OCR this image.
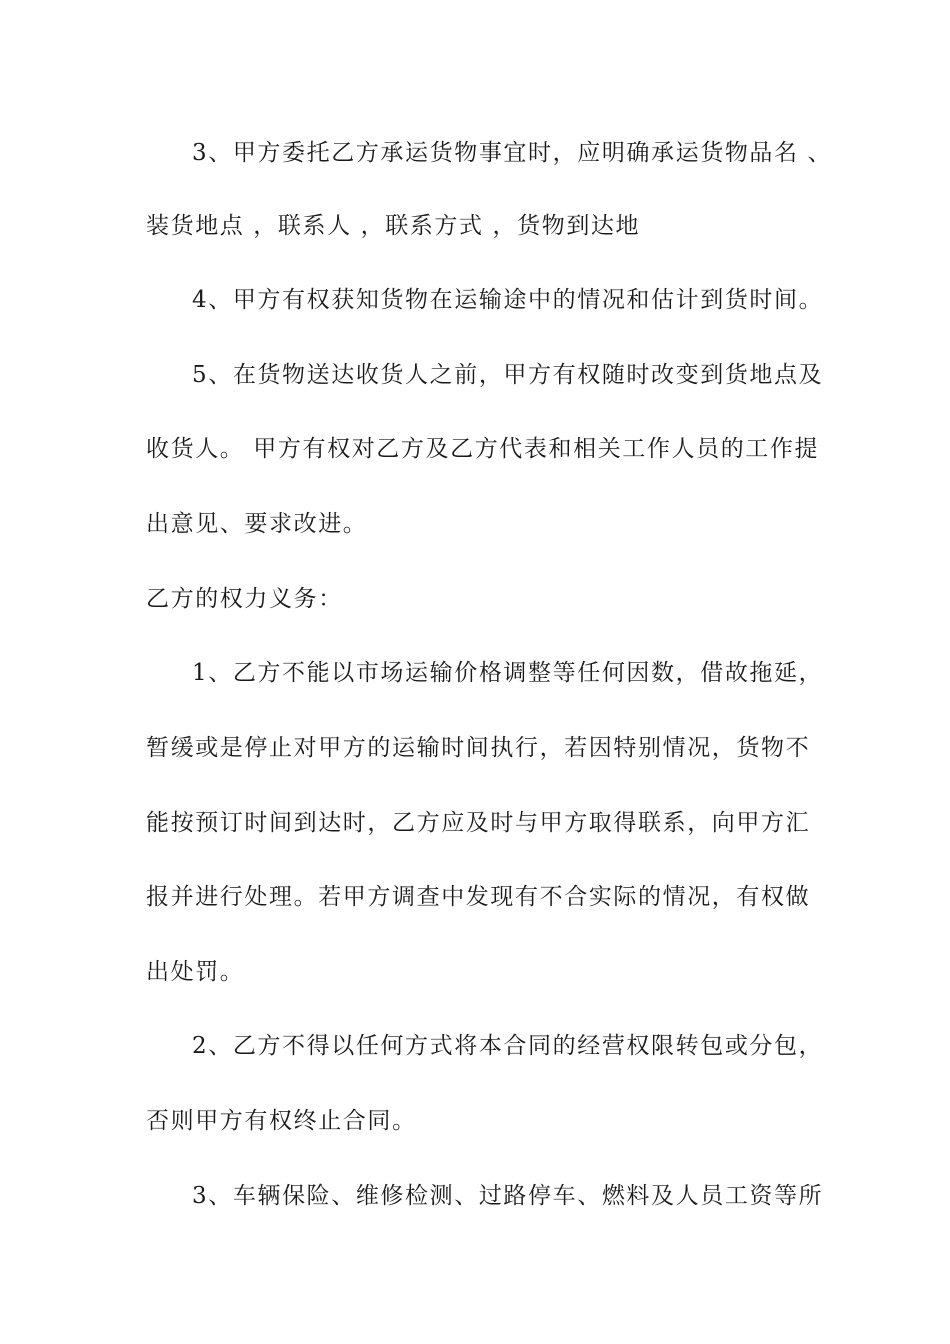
3、甲方委托乙方承运货物事宜时，应明确承运货物品名 、
装货地点 ，联系人 ，联系方式 ，货物到达地
4、甲方有权获知货物在运输途中的情况和估计到货时间。
5、在货物送达收货人之前，甲方有权随时改变到货地点及
收货人。 甲方有权对乙方及乙方代表和相关工作人员的工作提
出意见、要求改进。
乙方的权力义务：
1、乙方不能以市场运输价格调整等任何因数，借故拖延，
暂缓或是停止对甲方的运输时间执行，若因特别情况，货物不
能按预订时间到达时，乙方应及时与甲方取得联系，向甲方汇
报并进行处理。若甲方调查中发现有不合实际的情况，有权做
出处罚。
2、乙方不得以任何方式将本合同的经营权限转包或分包，
否则甲方有权终止合同。
3、车辆保险、维修检测、过路停车、燃料及人员工资等所
